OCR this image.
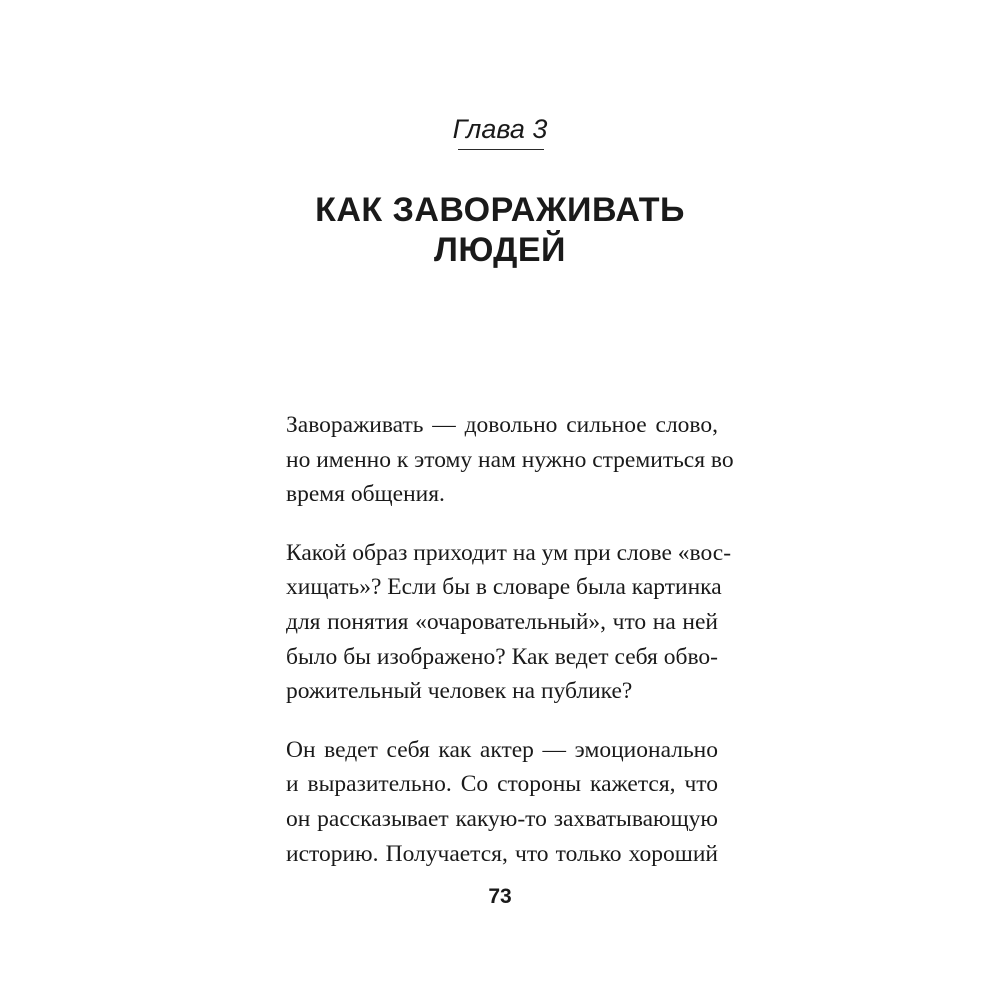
Глава 3
КАК ЗАВОРАЖИВАТЬ
ЛЮДЕЙ

Завораживать — довольно сильное слово,
но именно к этому нам нужно стремиться во
время общения.

Какой образ приходит на ум при слове «вос-
хищать»? Если бы в словаре была картинка
для понятия «очаровательный», что на ней
было бы изображено? Как ведет себя обво-
рожительный человек на публике?

Он ведет себя как актер — эмоционально
и выразительно. Со стороны кажется, что
он рассказывает какую-то захватывающую
историю. Получается, что только хороший

73
